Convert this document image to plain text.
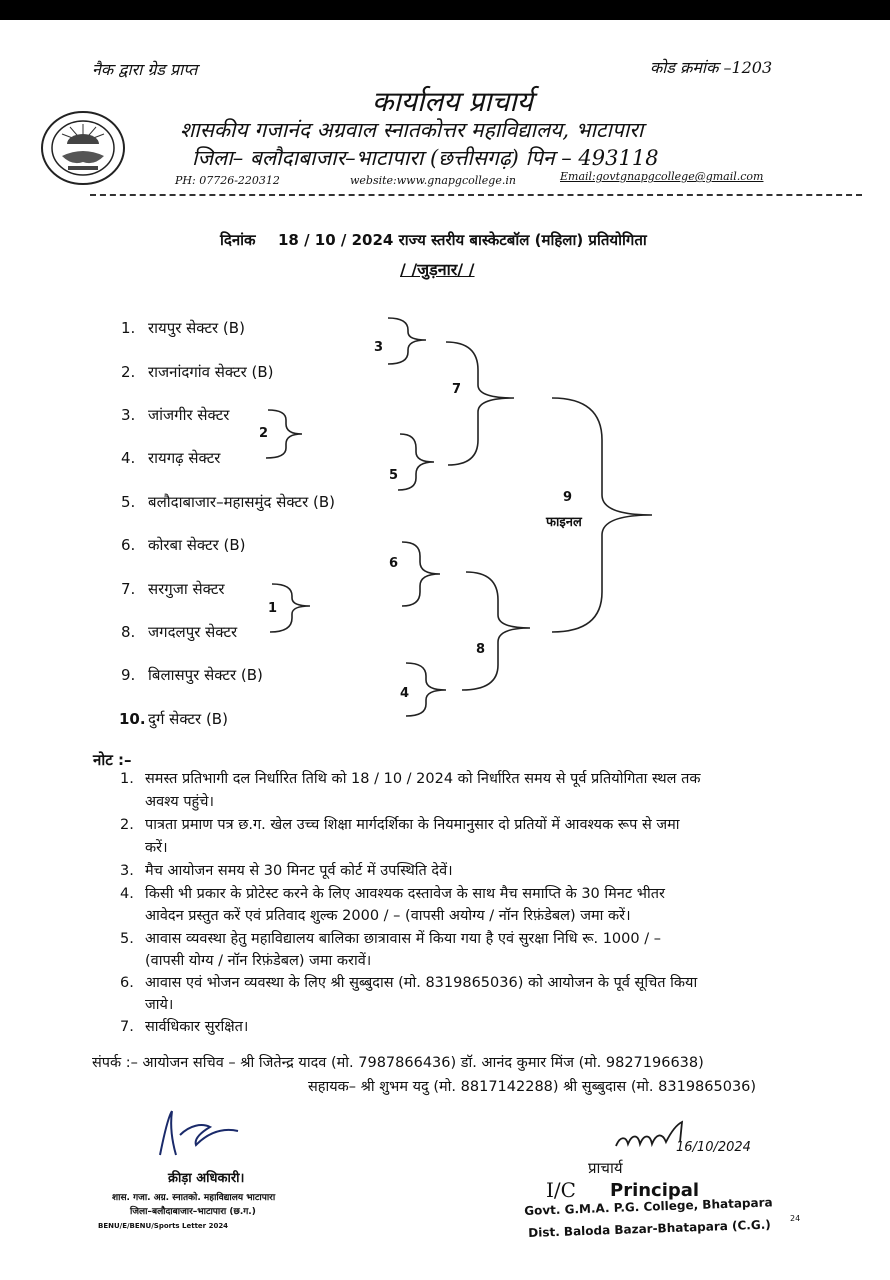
नैक द्वारा ग्रेड प्राप्त	कोड क्रमांक –1203
कार्यालय प्राचार्य
शासकीय गजानंद अग्रवाल स्नातकोत्तर महाविद्यालय, भाटापारा
जिला– बलौदाबाजार–भाटापारा (छत्तीसगढ़) पिन – 493118
PH: 07726-220312	website:www.gnapgcollege.in	Email:govtgnapgcollege@gmail.com
दिनांक 18 / 10 / 2024 राज्य स्तरीय बास्केटबॉल (महिला) प्रतियोगिता
/ /जुड़नार/ /
1. रायपुर सेक्टर (B)
2. राजनांदगांव सेक्टर (B)
3. जांजगीर सेक्टर
4. रायगढ़ सेक्टर
5. बलौदाबाजार–महासमुंद सेक्टर (B)
6. कोरबा सेक्टर (B)
7. सरगुजा सेक्टर
8. जगदलपुर सेक्टर
9. बिलासपुर सेक्टर (B)
10. दुर्ग सेक्टर (B)
3
2
7
5
9
फाइनल
6
1
8
4
नोट :–
1. समस्त प्रतिभागी दल निर्धारित तिथि को 18 / 10 / 2024 को निर्धारित समय से पूर्व प्रतियोगिता स्थल तक
अवश्य पहुंचे।
2. पात्रता प्रमाण पत्र छ.ग. खेल उच्च शिक्षा मार्गदर्शिका के नियमानुसार दो प्रतियों में आवश्यक रूप से जमा
करें।
3. मैच आयोजन समय से 30 मिनट पूर्व कोर्ट में उपस्थिति देवें।
4. किसी भी प्रकार के प्रोटेस्ट करने के लिए आवश्यक दस्तावेज के साथ मैच समाप्ति के 30 मिनट भीतर
आवेदन प्रस्तुत करें एवं प्रतिवाद शुल्क 2000 / – (वापसी अयोग्य / नॉन रिफ़ंडेबल) जमा करें।
5. आवास व्यवस्था हेतु महाविद्यालय बालिका छात्रावास में किया गया है एवं सुरक्षा निधि रू. 1000 / –
(वापसी योग्य / नॉन रिफ़ंडेबल) जमा करावें।
6. आवास एवं भोजन व्यवस्था के लिए श्री सुब्बुदास (मो. 8319865036) को आयोजन के पूर्व सूचित किया
जाये।
7. सार्वधिकार सुरक्षित।
संपर्क :– आयोजन सचिव – श्री जितेन्द्र यादव (मो. 7987866436) डॉ. आनंद कुमार मिंज (मो. 9827196638)
सहायक– श्री शुभम यदु (मो. 8817142288) श्री सुब्बुदास (मो. 8319865036)
क्रीड़ा अधिकारी।
शास. गजा. अग्र. स्नातको. महाविद्यालय भाटापारा
जिला–बलौदाबाजार–भाटापारा (छ.ग.)
BENU/E/BENU/Sports Letter 2024
16/10/2024
प्राचार्य
I/C Principal
Govt. G.M.A. P.G. College, Bhatapara
Dist. Baloda Bazar-Bhatapara (C.G.) 24
